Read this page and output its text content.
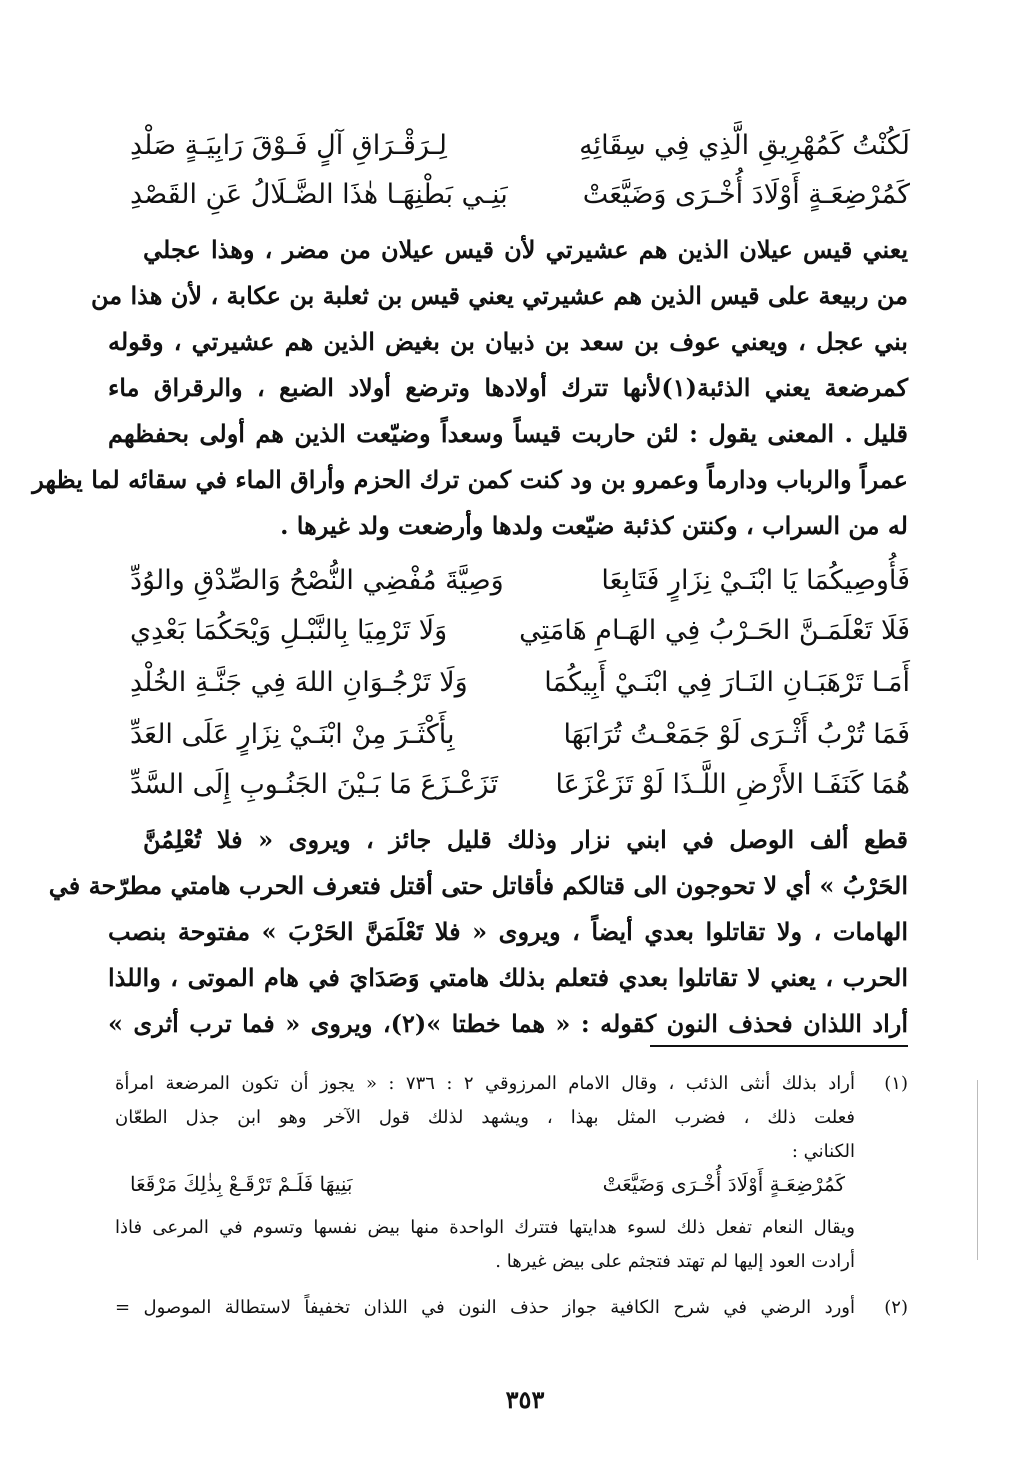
لَكُنْتُ كَمُهْرِيقِ الَّذِي فِي سِقَائِهِ
لِـرَقْـرَاقِ آلٍ فَـوْقَ رَابِيَـةٍ صَلْدِ
كَمُرْضِعَـةٍ أَوْلَادَ أُخْـرَى وَضَيَّعَتْ
بَنِـي بَطْنِهَـا هٰذَا الضَّـلَالُ عَنِ القَصْدِ
يعني قيس عيلان الذين هم عشيرتي لأن قيس عيلان من مضر ، وهذا عجلي
من ربيعة على قيس الذين هم عشيرتي يعني قيس بن ثعلبة بن عكابة ، لأن هذا من
بني عجل ، ويعني عوف بن سعد بن ذبيان بن بغيض الذين هم عشيرتي ، وقوله
كمرضعة يعني الذئبة(١)لأنها تترك أولادها وترضع أولاد الضبع ، والرقراق ماء
قليل . المعنى يقول : لئن حاربت قيساً وسعداً وضيّعت الذين هم أولى بحفظهم
عمراً والرباب ودارماً وعمرو بن ود كنت كمن ترك الحزم وأراق الماء في سقائه لما يظهر
له من السراب ، وكنتن كذئبة ضيّعت ولدها وأرضعت ولد غيرها .
فَأُوصِيكُمَا يَا ابْنَـيْ نِزَارٍ فَتَابِعَا
وَصِيَّةَ مُفْضِي النُّصْحُ وَالصِّدْقِ والوُدِّ
فَلَا تَعْلَمَـنَّ الحَـرْبُ فِي الهَـامِ هَامَتِي
وَلَا تَرْمِيَا بِالنَّبْـلِ وَيْحَكُمَا بَعْدِي
أَمَـا تَرْهَبَـانِ النَـارَ فِي ابْنَـيْ أَبِيكُمَا
وَلَا تَرْجُـوَانِ اللهَ فِي جَنَّـةِ الخُلْدِ
فَمَا تُرْبُ أَثْـرَى لَوْ جَمَعْـتُ تُرَابَهَا
بِأَكْثَـرَ مِنْ ابْنَـيْ نِزَارٍ عَلَى العَدِّ
هُمَا كَنَفَـا الأَرْضِ اللَّـذَا لَوْ تَزَعْزَعَا
تَزَعْـزَعَ مَا بَـيْنَ الجَنُـوبِ إِلَى السَّدِّ
قطع ألف الوصل في ابني نزار وذلك قليل جائز ، ويروى « فلا تُعْلِمُنَّ
الحَرْبُ » أي لا تحوجون الى قتالكم فأقاتل حتى أقتل فتعرف الحرب هامتي مطرّحة في
الهامات ، ولا تقاتلوا بعدي أيضاً ، ويروى « فلا تَعْلَمَنَّ الحَرْبَ » مفتوحة بنصب
الحرب ، يعني لا تقاتلوا بعدي فتعلم بذلك هامتي وَصَدَايَ في هام الموتى ، واللذا
أراد اللذان فحذف النون كقوله : « هما خطتا »(٢)، ويروى « فما ترب أثرى »
(١)
أراد بذلك أنثى الذئب ، وقال الامام المرزوقي ٢ : ٧٣٦ : « يجوز أن تكون المرضعة امرأة
فعلت ذلك ، فضرب المثل بهذا ، ويشهد لذلك قول الآخر وهو ابن جذل الطعّان
الكناني :
كَمُرْضِعَـةٍ أَوْلَادَ أُخْـرَى وَضَيَّعَتْ
بَنِيهَا فَلَـمْ تَرْقَـعْ بِذٰلِكَ مَرْقَعَا
ويقال النعام تفعل ذلك لسوء هدايتها فتترك الواحدة منها بيض نفسها وتسوم في المرعى فاذا
أرادت العود إليها لم تهتد فتجثم على بيض غيرها .
(٢)
أورد الرضي في شرح الكافية جواز حذف النون في اللذان تخفيفاً لاستطالة الموصول =
٣٥٣
